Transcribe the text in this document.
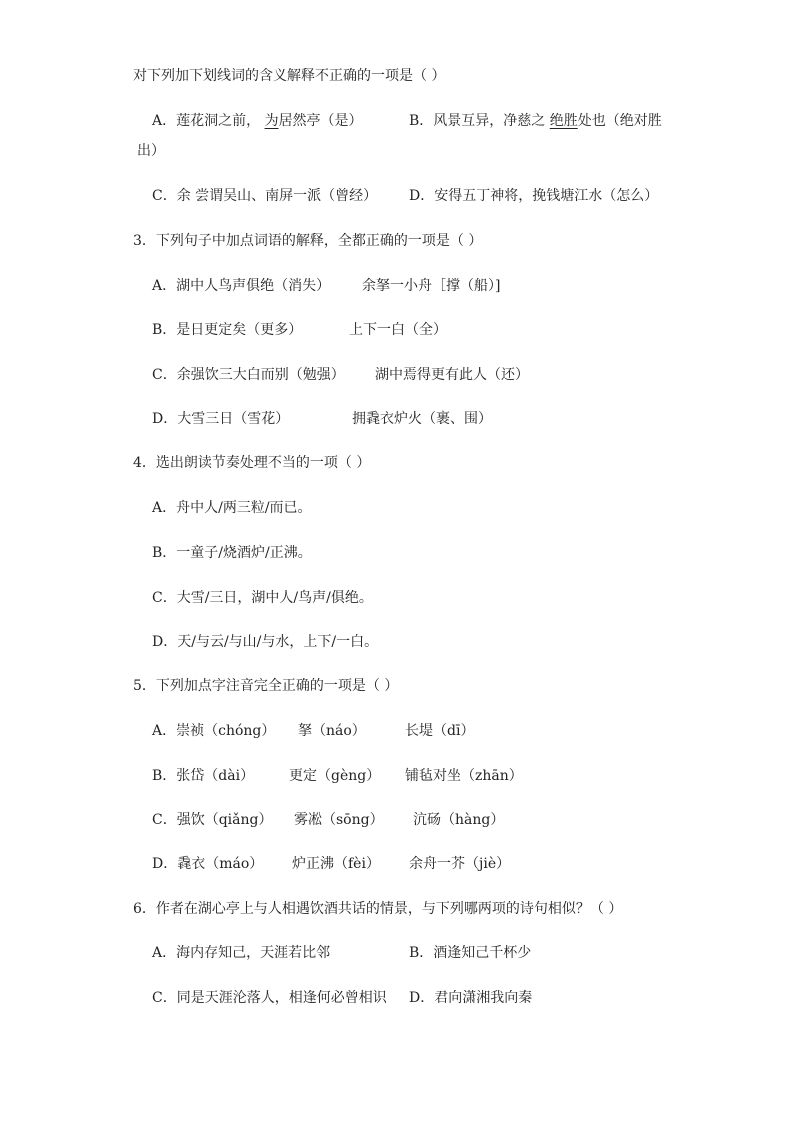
对下列加下划线词的含义解释不正确的一项是（ ）
A．莲花洞之前， 为居然亭（是）	B．风景互异，净慈之 绝胜处也（绝对胜
出）
C．余 尝谓吴山、南屏一派（曾经） D．安得五丁神将，挽钱塘江水（怎么）
3．下列句子中加点词语的解释，全都正确的一项是（ ）
A．湖中人鸟声俱绝（消失） 余拏一小舟［撑（船）]
B．是日更定矣（更多）	上下一白（全）
C．余强饮三大白而别（勉强） 湖中焉得更有此人（还）
D．大雪三日（雪花）	拥毳衣炉火（裹、围）
4．选出朗读节奏处理不当的一项（ ）
A．舟中人/两三粒/而已。
B．一童子/烧酒炉/正沸。
C．大雪/三日，湖中人/鸟声/俱绝。
D．天/与云/与山/与水，上下/一白。
5．下列加点字注音完全正确的一项是（ ）
A．崇祯（chóng） 拏（náo）	长堤（dī）
B．张岱（dài） 更定（gèng） 铺毡对坐（zhān）
C．强饮（qiǎng） 雾凇（sōng） 沆砀（hàng）
D．毳衣（máo） 炉正沸（fèi） 余舟一芥（jiè）
6．作者在湖心亭上与人相遇饮酒共话的情景，与下列哪两项的诗句相似？（ ）
A．海内存知己，天涯若比邻	B．酒逢知己千杯少
C．同是天涯沦落人，相逢何必曾相识 D．君向潇湘我向秦
